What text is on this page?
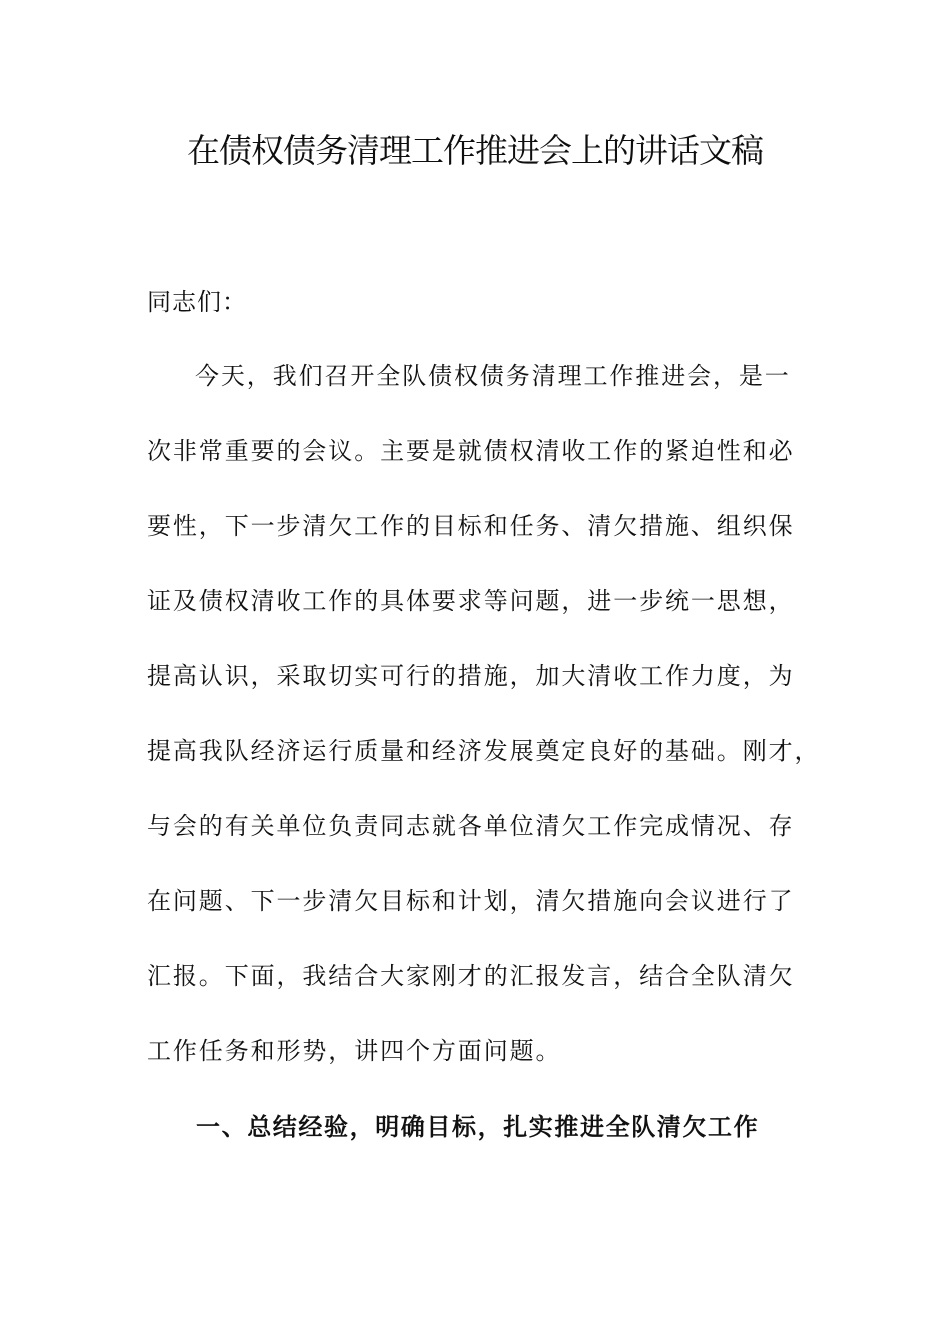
在债权债务清理工作推进会上的讲话文稿
同志们：
今天，我们召开全队债权债务清理工作推进会，是一
次非常重要的会议。主要是就债权清收工作的紧迫性和必
要性，下一步清欠工作的目标和任务、清欠措施、组织保
证及债权清收工作的具体要求等问题，进一步统一思想，
提高认识，采取切实可行的措施，加大清收工作力度，为
提高我队经济运行质量和经济发展奠定良好的基础。刚才，
与会的有关单位负责同志就各单位清欠工作完成情况、存
在问题、下一步清欠目标和计划，清欠措施向会议进行了
汇报。下面，我结合大家刚才的汇报发言，结合全队清欠
工作任务和形势，讲四个方面问题。
一、总结经验，明确目标，扎实推进全队清欠工作
